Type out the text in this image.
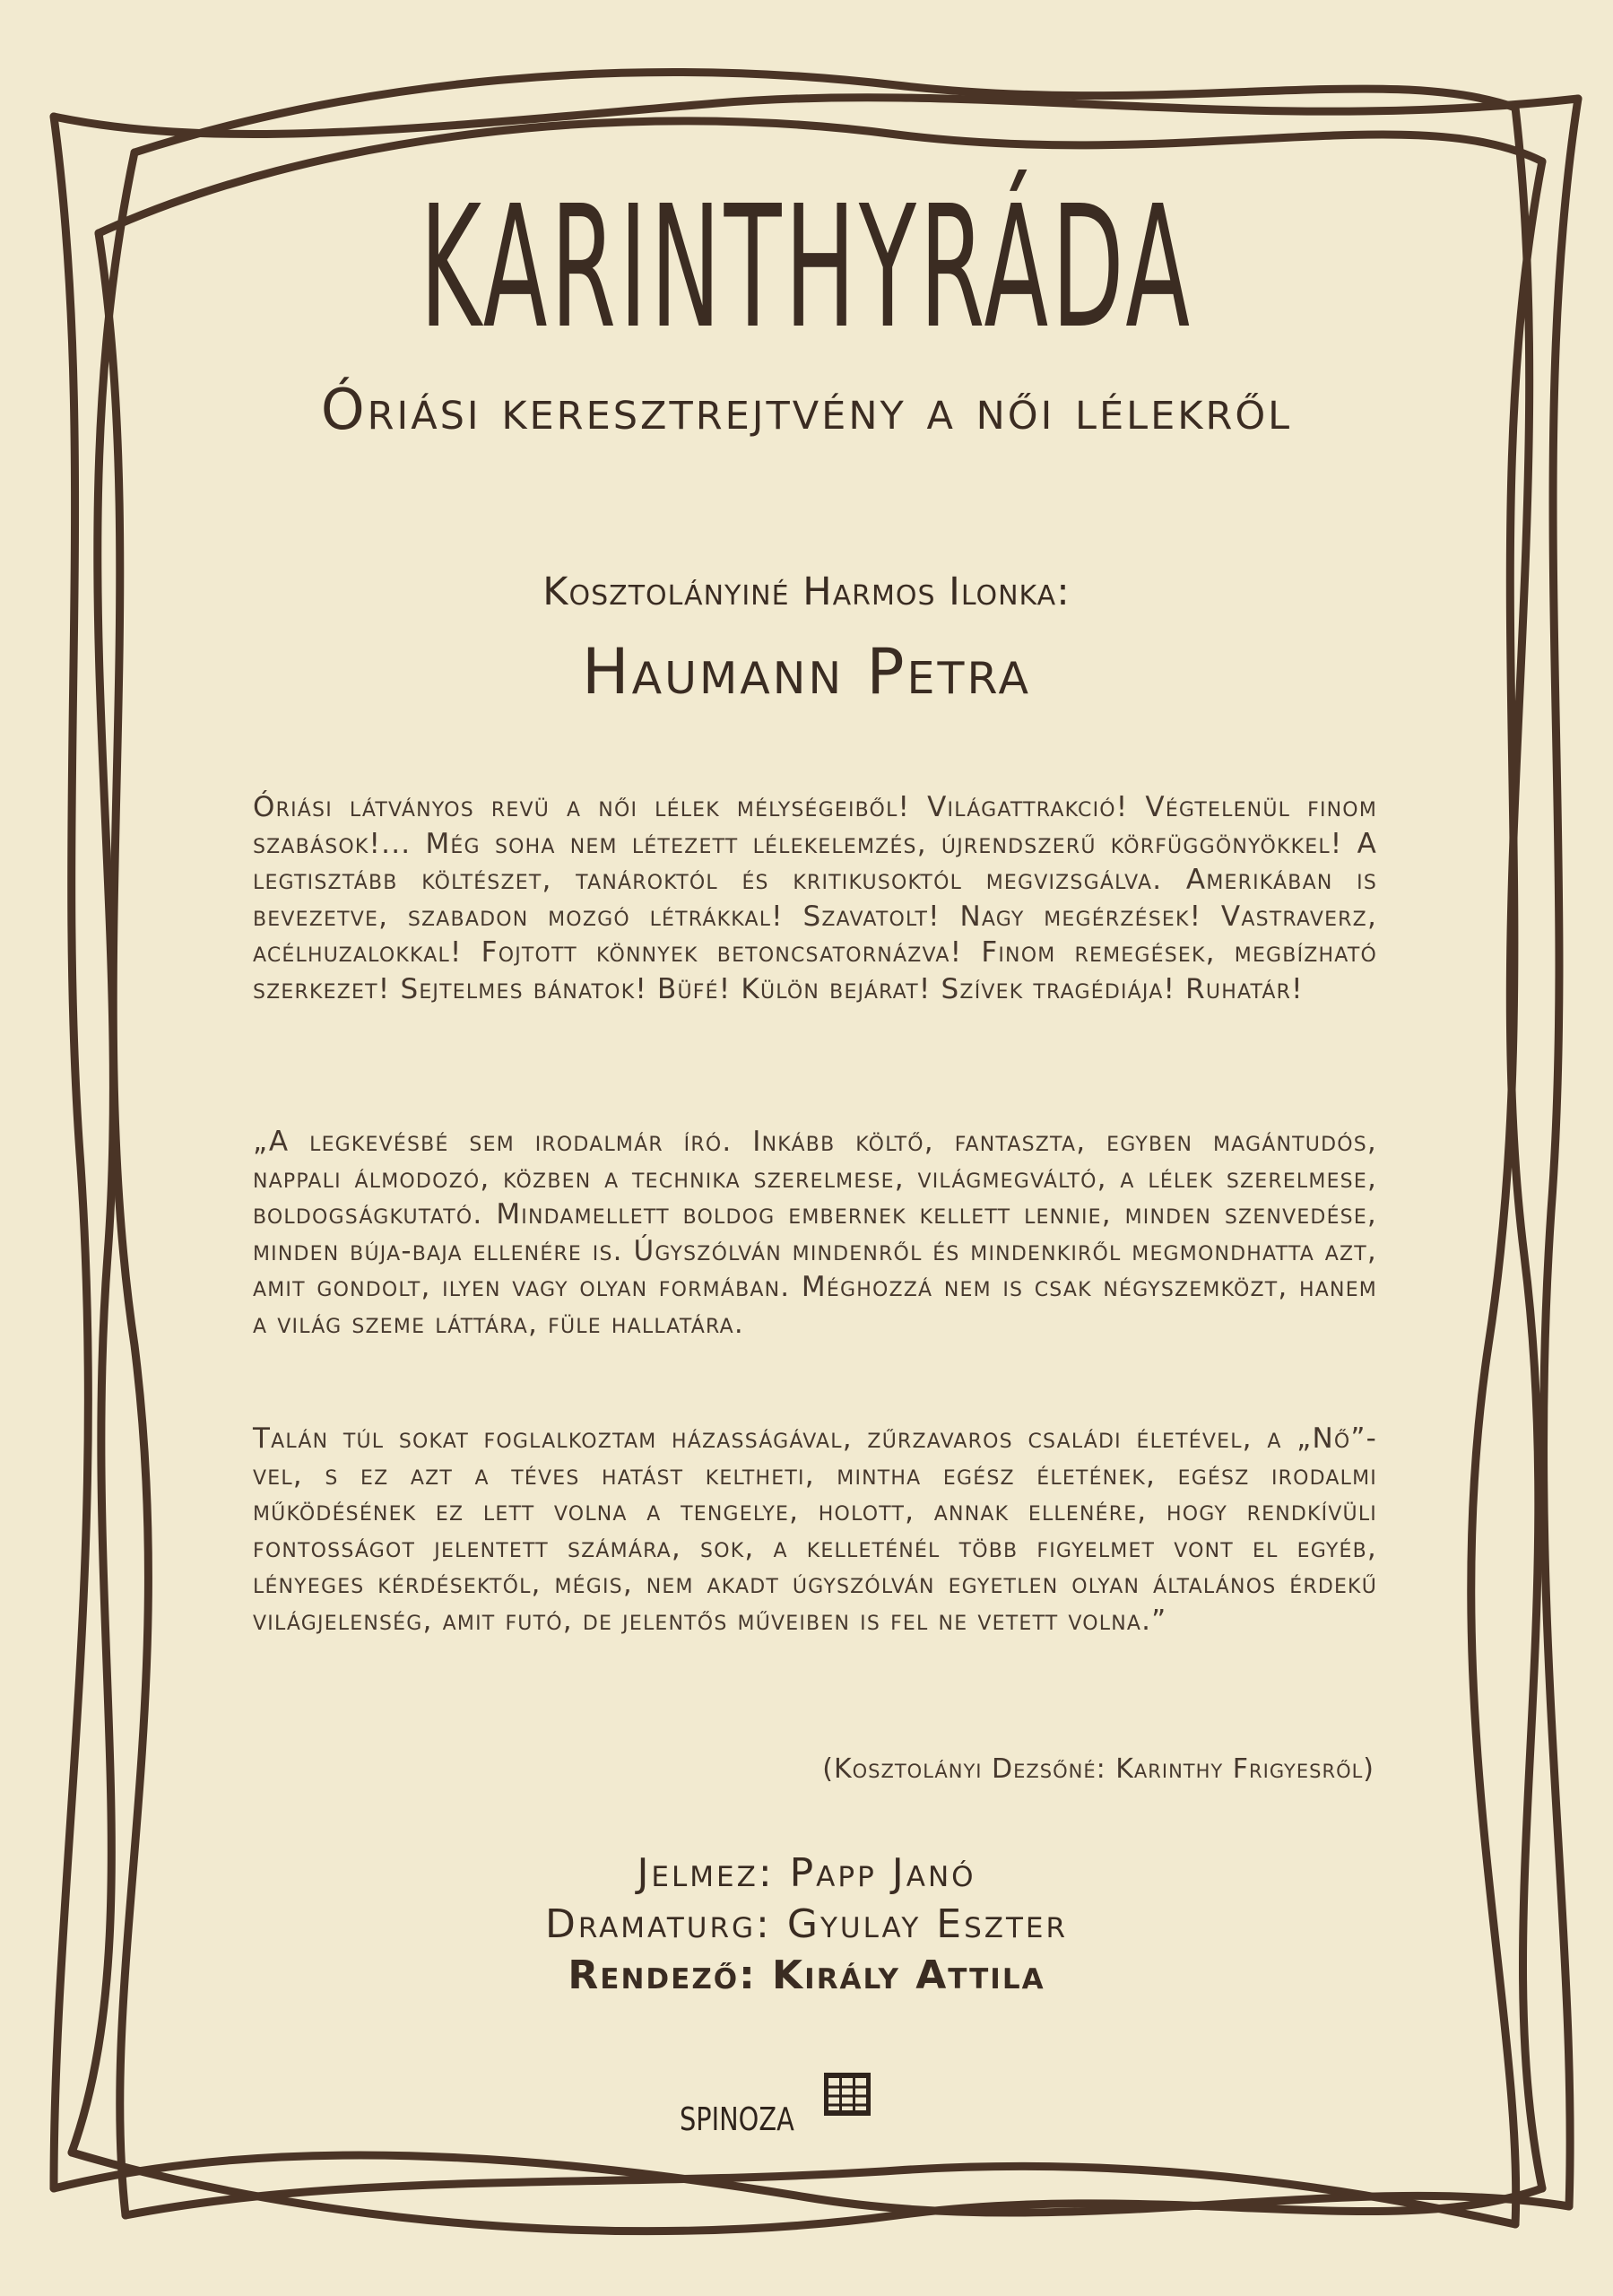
KARINTHYRÁDA
Óriási keresztrejtvény a női lélekről
Kosztolányiné Harmos Ilonka:
Haumann Petra

Óriási látványos revü a női lélek mélységeiből! Világattrakció! Végtelenül finom szabások!... Még soha nem létezett lélekelemzés, újrendszerű körfüggönyökkel! A legtisztább költészet, tanároktól és kritikusoktól megvizsgálva. Amerikában is bevezetve, szabadon mozgó létrákkal! Szavatolt! Nagy megérzések! Vastraverz, acélhuzalokkal! Fojtott könnyek betoncsatornázva! Finom remegések, megbízható szerkezet! Sejtelmes bánatok! Büfé! Külön bejárat! Szívek tragédiája! Ruhatár!

„A legkevésbé sem irodalmár író. Inkább költő, fantaszta, egyben magántudós, nappali álmodozó, közben a technika szerelmese, világmegváltó, a lélek szerelmese, boldogságkutató. Mindamellett boldog embernek kellett lennie, minden szenvedése, minden búja-baja ellenére is. Úgyszólván mindenről és mindenkiről megmondhatta azt, amit gondolt, ilyen vagy olyan formában. Méghozzá nem is csak négyszemközt, hanem a világ szeme láttára, füle hallatára.

Talán túl sokat foglalkoztam házasságával, zűrzavaros családi életével, a „Nő”-vel, s ez azt a téves hatást keltheti, mintha egész életének, egész irodalmi működésének ez lett volna a tengelye, holott, annak ellenére, hogy rendkívüli fontosságot jelentett számára, sok, a kelleténél több figyelmet vont el egyéb, lényeges kérdésektől, mégis, nem akadt úgyszólván egyetlen olyan általános érdekű világjelenség, amit futó, de jelentős műveiben is fel ne vetett volna.”

(Kosztolányi Dezsőné: Karinthy Frigyesről)
Jelmez: Papp Janó
Dramaturg: Gyulay Eszter
Rendező: Király Attila
SPINOZA
